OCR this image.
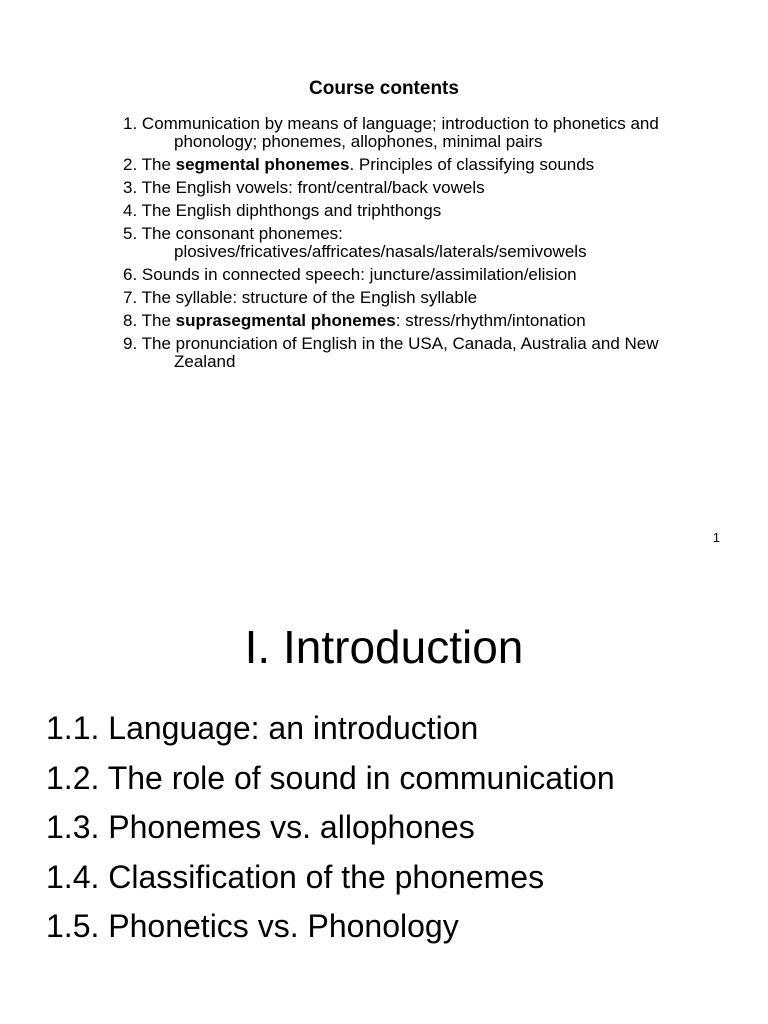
Course contents
1. Communication by means of language; introduction to phonetics and phonology; phonemes, allophones, minimal pairs
2. The segmental phonemes. Principles of classifying sounds
3. The English vowels: front/central/back vowels
4. The English diphthongs and triphthongs
5. The consonant phonemes: plosives/fricatives/affricates/nasals/laterals/semivowels
6. Sounds in connected speech: juncture/assimilation/elision
7. The syllable: structure of the English syllable
8. The suprasegmental phonemes: stress/rhythm/intonation
9. The pronunciation of English in the USA, Canada, Australia and New Zealand
1
I. Introduction
1.1. Language: an introduction
1.2. The role of sound in communication
1.3. Phonemes vs. allophones
1.4. Classification of the phonemes
1.5. Phonetics vs. Phonology
